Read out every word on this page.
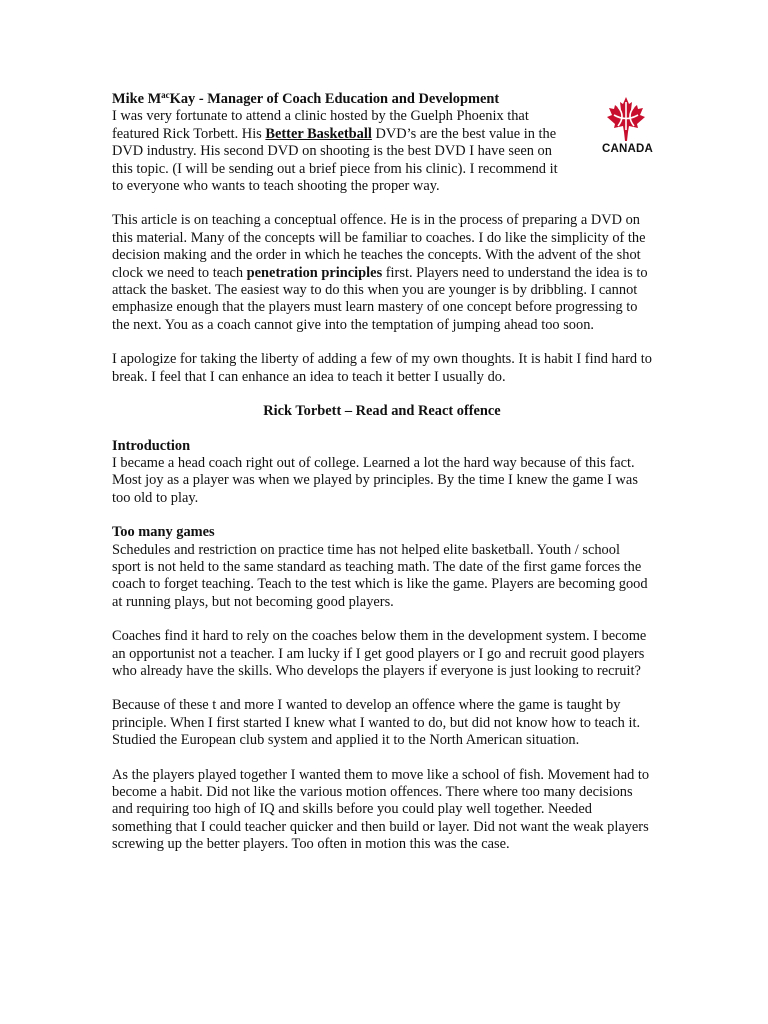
CANADA
Mike $M^{ac}Kay$ - Manager of Coach Education and Development

I was very fortunate to attend a clinic hosted by the Guelph Phoenix that featured Rick Torbett. His Better Basketball DVD’s are the best value in the DVD industry. His second DVD on shooting is the best DVD I have seen on this topic. (I will be sending out a brief piece from his clinic). I recommend it to everyone who wants to teach shooting the proper way.

This article is on teaching a conceptual offence. He is in the process of preparing a DVD on this material. Many of the concepts will be familiar to coaches. I do like the simplicity of the decision making and the order in which he teaches the concepts. With the advent of the shot clock we need to teach penetration principles first. Players need to understand the idea is to attack the basket. The easiest way to do this when you are younger is by dribbling. I cannot emphasize enough that the players must learn mastery of one concept before progressing to the next. You as a coach cannot give into the temptation of jumping ahead too soon.

I apologize for taking the liberty of adding a few of my own thoughts. It is habit I find hard to break. I feel that I can enhance an idea to teach it better I usually do.

Rick Torbett – Read and React offence

Introduction
I became a head coach right out of college. Learned a lot the hard way because of this fact. Most joy as a player was when we played by principles. By the time I knew the game I was too old to play.

Too many games
Schedules and restriction on practice time has not helped elite basketball. Youth / school sport is not held to the same standard as teaching math. The date of the first game forces the coach to forget teaching. Teach to the test which is like the game. Players are becoming good at running plays, but not becoming good players.

Coaches find it hard to rely on the coaches below them in the development system. I become an opportunist not a teacher. I am lucky if I get good players or I go and recruit good players who already have the skills. Who develops the players if everyone is just looking to recruit?

Because of these t and more I wanted to develop an offence where the game is taught by principle. When I first started I knew what I wanted to do, but did not know how to teach it. Studied the European club system and applied it to the North American situation.

As the players played together I wanted them to move like a school of fish. Movement had to become a habit. Did not like the various motion offences. There where too many decisions and requiring too high of IQ and skills before you could play well together. Needed something that I could teacher quicker and then build or layer. Did not want the weak players screwing up the better players. Too often in motion this was the case.
